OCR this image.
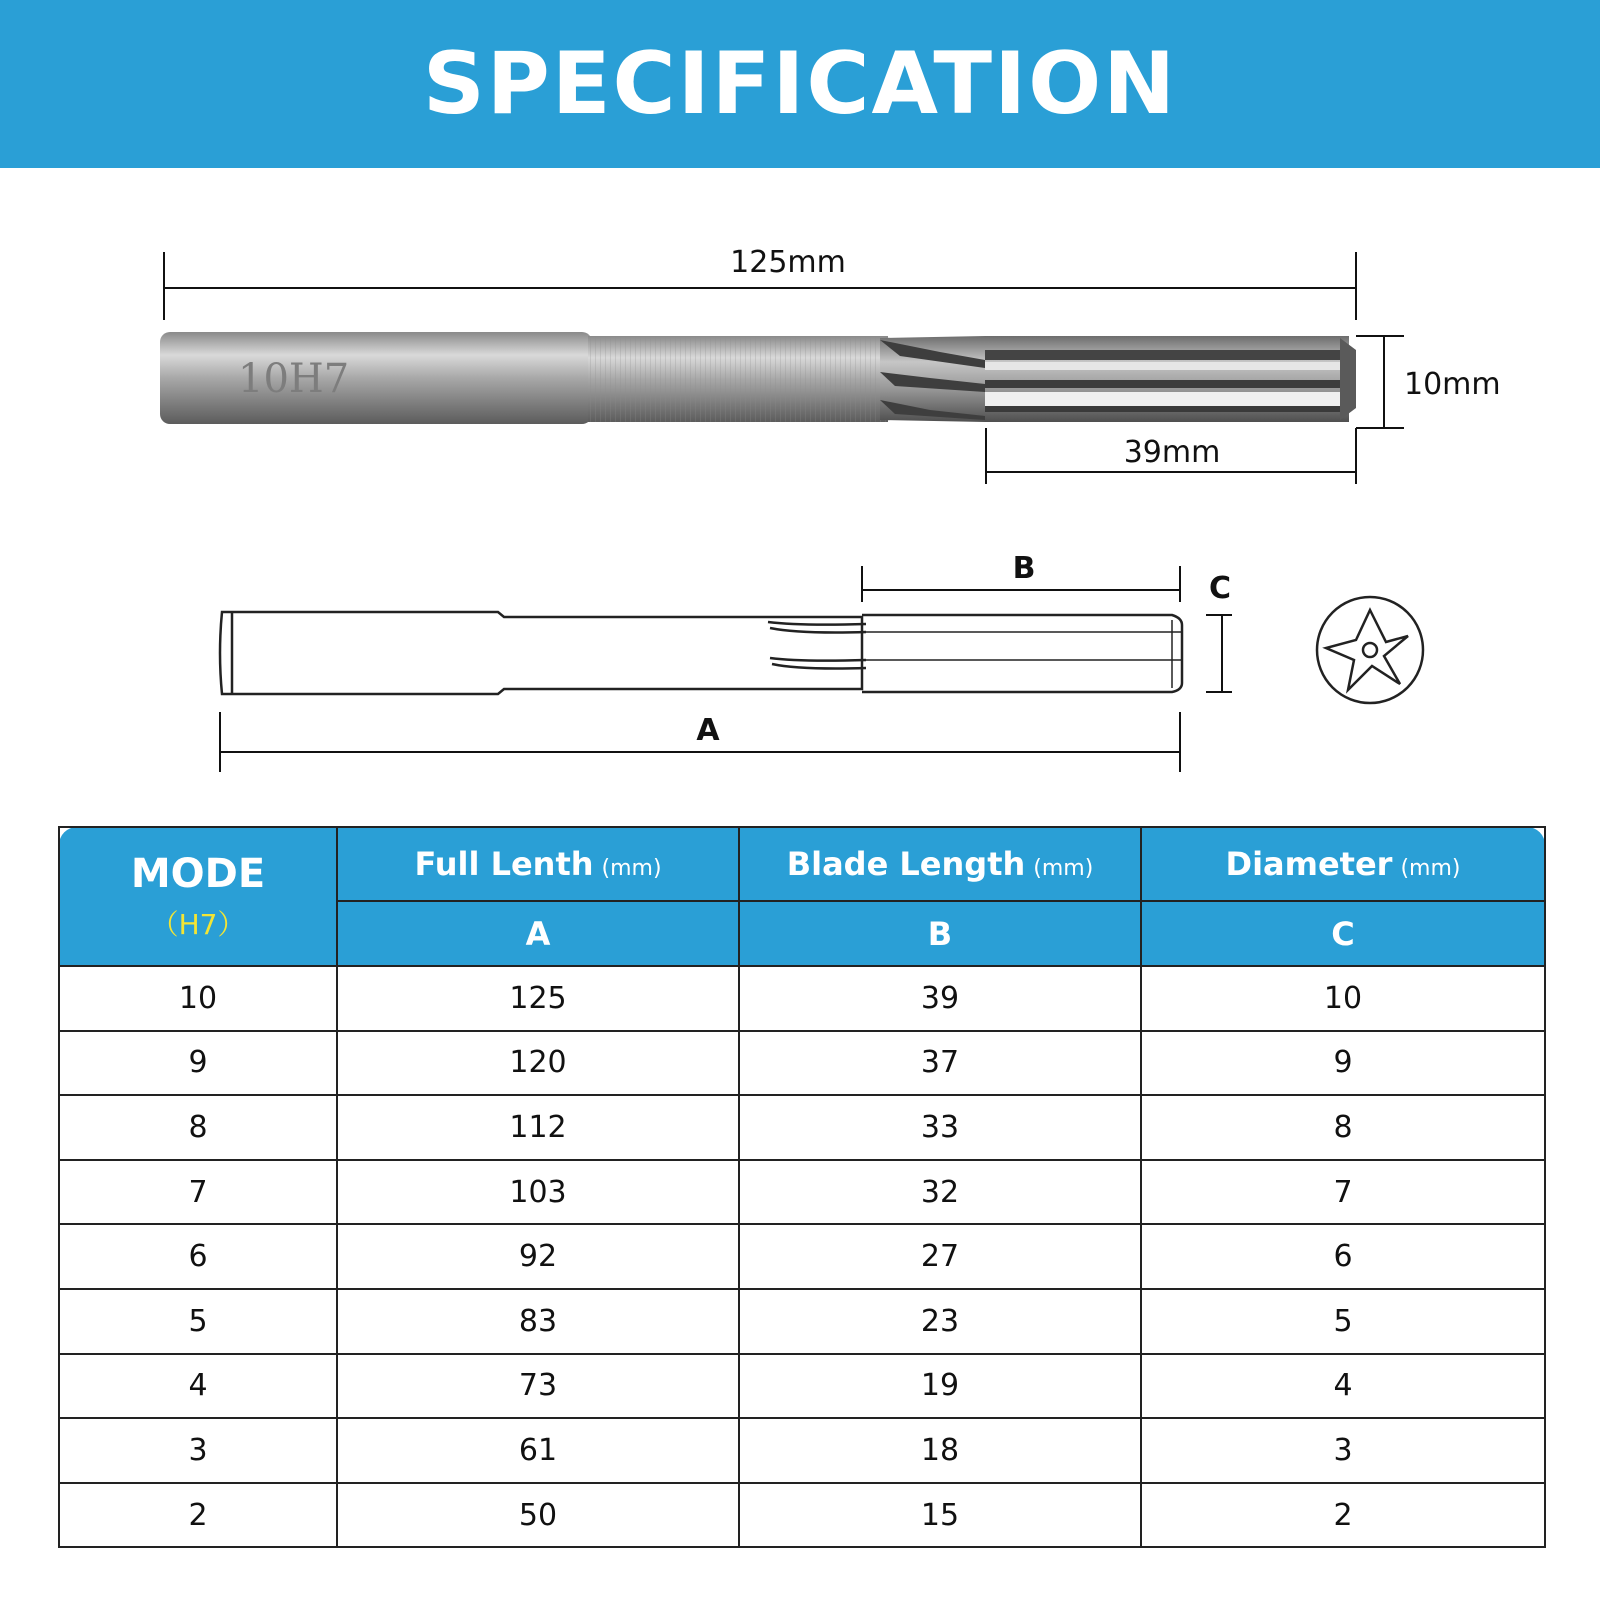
SPECIFICATION
125mm
10H7	10mm
39mm
B
C
A
MODE
（H7）	Full Lenth (mm)	Blade Length (mm)	Diameter (mm)
	A	B	C
10	125	39	10
9	120	37	9
8	112	33	8
7	103	32	7
6	92	27	6
5	83	23	5
4	73	19	4
3	61	18	3
2	50	15	2
